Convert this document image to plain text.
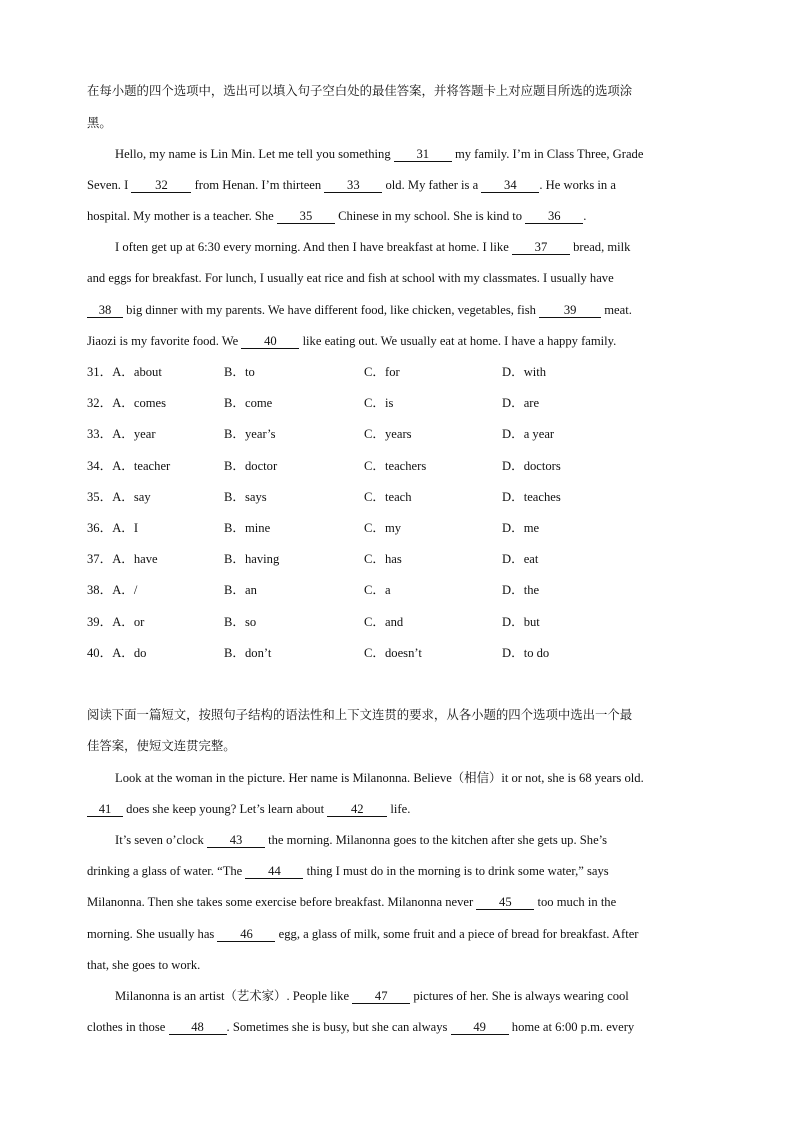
在每小题的四个选项中，选出可以填入句子空白处的最佳答案，并将答题卡上对应题目所选的选项涂
黑。
Hello, my name is Lin Min. Let me tell you something 31 my family. I’m in Class Three, Grade
Seven. I 32 from Henan. I’m thirteen 33 old. My father is a 34 . He works in a
hospital. My mother is a teacher. She 35 Chinese in my school. She is kind to 36 .
I often get up at 6:30 every morning. And then I have breakfast at home. I like 37 bread, milk
and eggs for breakfast. For lunch, I usually eat rice and fish at school with my classmates. I usually have
38 big dinner with my parents. We have different food, like chicken, vegetables, fish 39 meat.
Jiaozi is my favorite food. We 40 like eating out. We usually eat at home. I have a happy family.
31．A．about	B．to	C．for	D．with
32．A．comes	B．come	C．is	D．are
33．A．year	B．year’s	C．years	D．a year
34．A．teacher	B．doctor	C．teachers	D．doctors
35．A．say	B．says	C．teach	D．teaches
36．A．I	B．mine	C．my	D．me
37．A．have	B．having	C．has	D．eat
38．A．/	B．an	C．a	D．the
39．A．or	B．so	C．and	D．but
40．A．do	B．don’t	C．doesn’t	D．to do
阅读下面一篇短文，按照句子结构的语法性和上下文连贯的要求，从各小题的四个选项中选出一个最
佳答案，使短文连贯完整。
Look at the woman in the picture. Her name is Milanonna. Believe（相信）it or not, she is 68 years old.
41 does she keep young? Let’s learn about 42 life.
It’s seven o’clock 43 the morning. Milanonna goes to the kitchen after she gets up. She’s
drinking a glass of water. “The 44 thing I must do in the morning is to drink some water,” says
Milanonna. Then she takes some exercise before breakfast. Milanonna never 45 too much in the
morning. She usually has 46 egg, a glass of milk, some fruit and a piece of bread for breakfast. After
that, she goes to work.
Milanonna is an artist（艺术家）. People like 47 pictures of her. She is always wearing cool
clothes in those 48 . Sometimes she is busy, but she can always 49 home at 6:00 p.m. every
